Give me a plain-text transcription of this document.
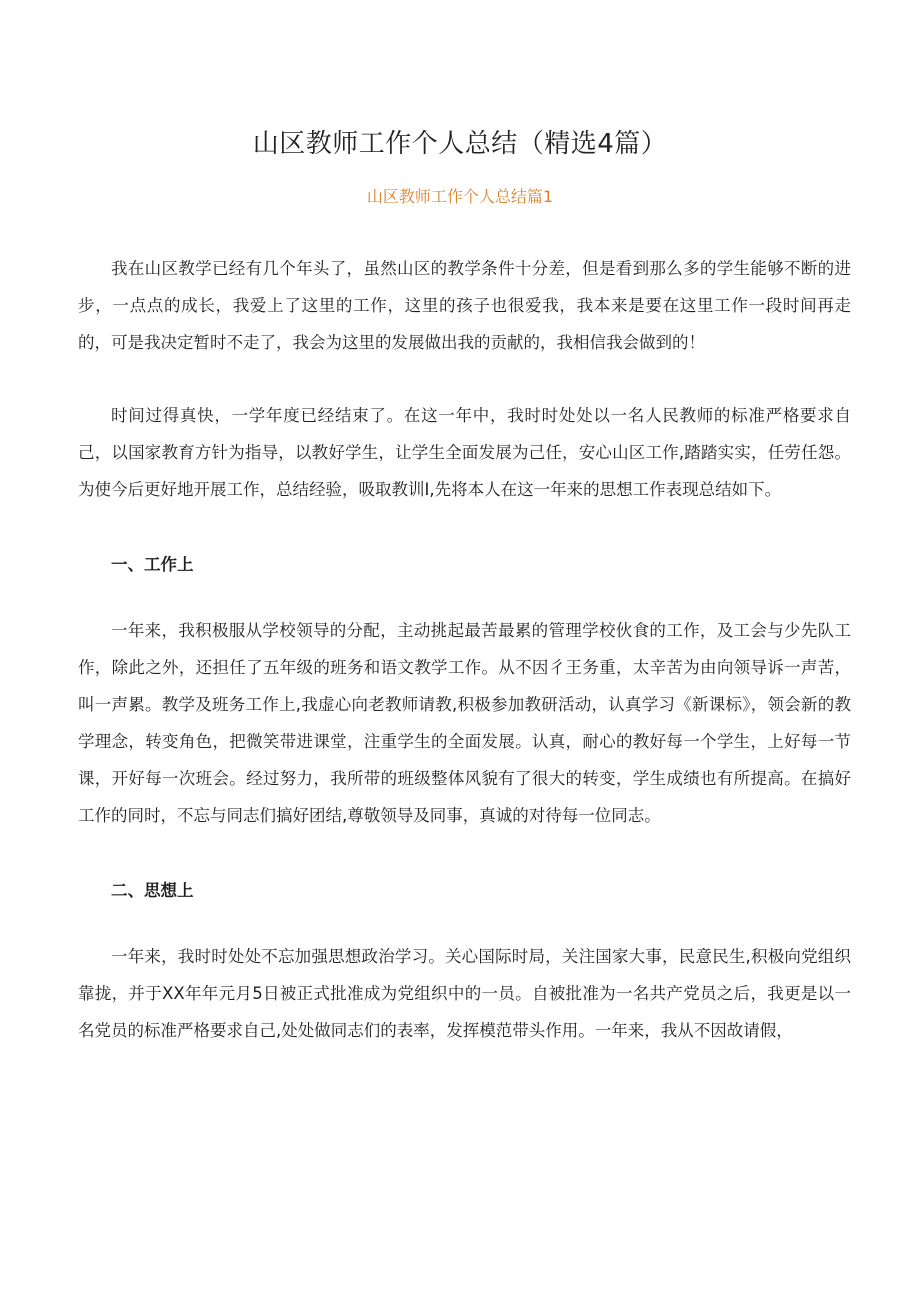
山区教师工作个人总结（精选4篇）
山区教师工作个人总结篇1

我在山区教学已经有几个年头了，虽然山区的教学条件十分差，但是看到那么多的学生能够不断的进步，一点点的成长，我爱上了这里的工作，这里的孩子也很爱我，我本来是要在这里工作一段时间再走的，可是我决定暂时不走了，我会为这里的发展做出我的贡献的，我相信我会做到的！

时间过得真快，一学年度已经结束了。在这一年中，我时时处处以一名人民教师的标准严格要求自己，以国家教育方针为指导，以教好学生，让学生全面发展为己任，安心山区工作,踏踏实实，任劳任怨。为使今后更好地开展工作，总结经验，吸取教训I,先将本人在这一年来的思想工作表现总结如下。

一、工作上

一年来，我积极服从学校领导的分配，主动挑起最苦最累的管理学校伙食的工作，及工会与少先队工作，除此之外，还担任了五年级的班务和语文教学工作。从不因彳王务重，太辛苦为由向领导诉一声苦，叫一声累。教学及班务工作上,我虚心向老教师请教,积极参加教研活动，认真学习《新课标》，领会新的教学理念，转变角色，把微笑带进课堂，注重学生的全面发展。认真，耐心的教好每一个学生，上好每一节课，开好每一次班会。经过努力，我所带的班级整体风貌有了很大的转变，学生成绩也有所提高。在搞好工作的同时，不忘与同志们搞好团结,尊敬领导及同事，真诚的对待每一位同志。

二、思想上

一年来，我时时处处不忘加强思想政治学习。关心国际时局，关注国家大事，民意民生,积极向党组织靠拢，并于XX年年元月5日被正式批准成为党组织中的一员。自被批准为一名共产党员之后，我更是以一名党员的标准严格要求自己,处处做同志们的表率，发挥模范带头作用。一年来，我从不因故请假，
